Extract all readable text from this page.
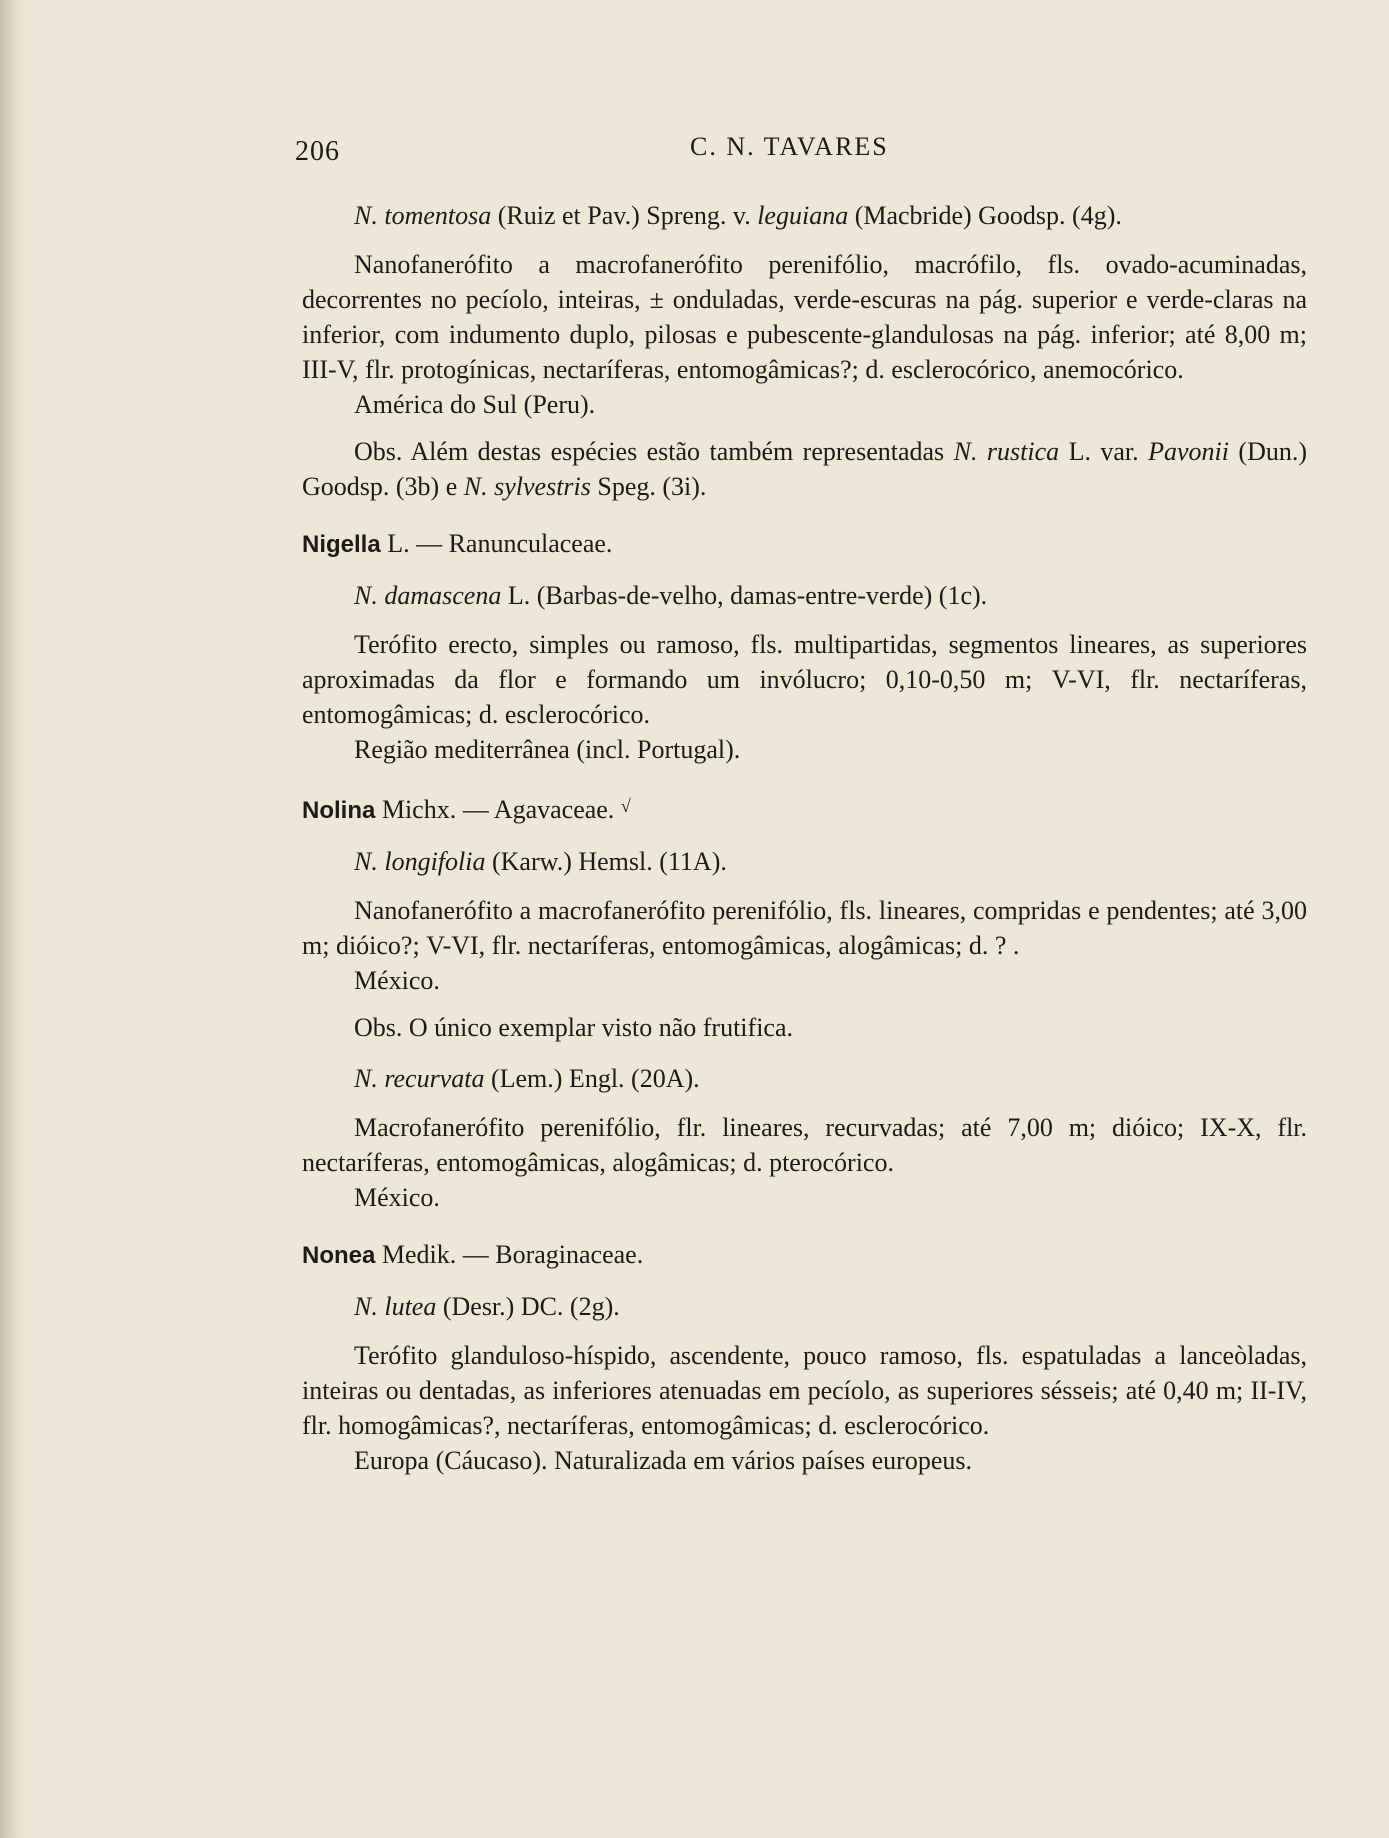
206	C. N. TAVARES

N. tomentosa (Ruiz et Pav.) Spreng. v. leguiana (Macbride) Goodsp. (4g).

Nanofanerófito a macrofanerófito perenifólio, macrófilo, fls. ovado-acuminadas, decorrentes no pecíolo, inteiras, ± onduladas, verde-escuras na pág. superior e verde-claras na inferior, com indumento duplo, pilosas e pubescente-glandulosas na pág. inferior; até 8,00 m; III-V, flr. protogínicas, nectaríferas, entomogâmicas?; d. esclerocórico, anemocórico.

América do Sul (Peru).

Obs. Além destas espécies estão também representadas N. rustica L. var. Pavonii (Dun.) Goodsp. (3b) e N. sylvestris Speg. (3i).

Nigella L. — Ranunculaceae.

N. damascena L. (Barbas-de-velho, damas-entre-verde) (1c).

Terófito erecto, simples ou ramoso, fls. multipartidas, segmentos lineares, as superiores aproximadas da flor e formando um invólucro; 0,10-0,50 m; V-VI, flr. nectaríferas, entomogâmicas; d. esclerocórico.

Região mediterrânea (incl. Portugal).

Nolina Michx. — Agavaceae. √

N. longifolia (Karw.) Hemsl. (11A).

Nanofanerófito a macrofanerófito perenifólio, fls. lineares, compridas e pendentes; até 3,00 m; dióico?; V-VI, flr. nectaríferas, entomogâmicas, alogâmicas; d. ? .

México.

Obs. O único exemplar visto não frutifica.

N. recurvata (Lem.) Engl. (20A).

Macrofanerófito perenifólio, flr. lineares, recurvadas; até 7,00 m; dióico; IX-X, flr. nectaríferas, entomogâmicas, alogâmicas; d. pterocórico.

México.

Nonea Medik. — Boraginaceae.

N. lutea (Desr.) DC. (2g).

Terófito glanduloso-híspido, ascendente, pouco ramoso, fls. espatuladas a lanceòladas, inteiras ou dentadas, as inferiores atenuadas em pecíolo, as superiores sésseis; até 0,40 m; II-IV, flr. homogâmicas?, nectaríferas, entomogâmicas; d. esclerocórico.

Europa (Cáucaso). Naturalizada em vários países europeus.
